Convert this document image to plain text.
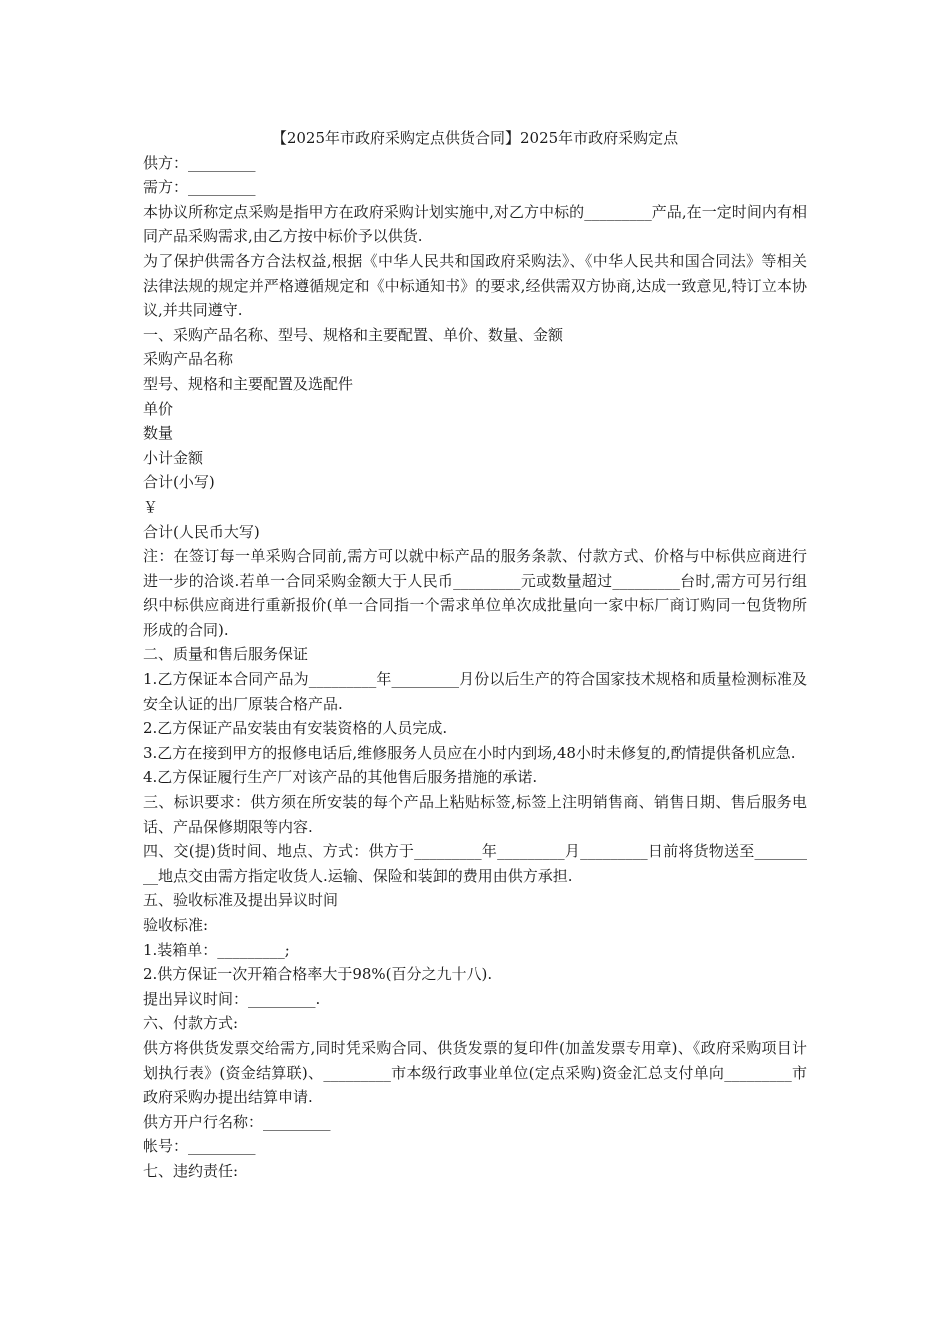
【2025年市政府采购定点供货合同】2025年市政府采购定点

供方：_________

需方：_________

本协议所称定点采购是指甲方在政府采购计划实施中,对乙方中标的_________产品,在一定时间内有相同产品采购需求,由乙方按中标价予以供货.

为了保护供需各方合法权益,根据《中华人民共和国政府采购法》、《中华人民共和国合同法》等相关法律法规的规定并严格遵循规定和《中标通知书》的要求,经供需双方协商,达成一致意见,特订立本协议,并共同遵守.

一、采购产品名称、型号、规格和主要配置、单价、数量、金额

采购产品名称

型号、规格和主要配置及选配件

单价

数量

小计金额

合计(小写)

￥

合计(人民币大写)

注：在签订每一单采购合同前,需方可以就中标产品的服务条款、付款方式、价格与中标供应商进行进一步的洽谈.若单一合同采购金额大于人民币_________元或数量超过_________台时,需方可另行组织中标供应商进行重新报价(单一合同指一个需求单位单次成批量向一家中标厂商订购同一包货物所形成的合同).

二、质量和售后服务保证

1.乙方保证本合同产品为_________年_________月份以后生产的符合国家技术规格和质量检测标准及安全认证的出厂原装合格产品.

2.乙方保证产品安装由有安装资格的人员完成.

3.乙方在接到甲方的报修电话后,维修服务人员应在小时内到场,48小时未修复的,酌情提供备机应急.

4.乙方保证履行生产厂对该产品的其他售后服务措施的承诺.

三、标识要求：供方须在所安装的每个产品上粘贴标签,标签上注明销售商、销售日期、售后服务电话、产品保修期限等内容.

四、交(提)货时间、地点、方式：供方于_________年_________月_________日前将货物送至_________地点交由需方指定收货人.运输、保险和装卸的费用由供方承担.

五、验收标准及提出异议时间

验收标准:

1.装箱单：_________;

2.供方保证一次开箱合格率大于98%(百分之九十八).

提出异议时间：_________.

六、付款方式:

供方将供货发票交给需方,同时凭采购合同、供货发票的复印件(加盖发票专用章)、《政府采购项目计划执行表》(资金结算联)、_________市本级行政事业单位(定点采购)资金汇总支付单向_________市政府采购办提出结算申请.

供方开户行名称：_________

帐号：_________

七、违约责任:
